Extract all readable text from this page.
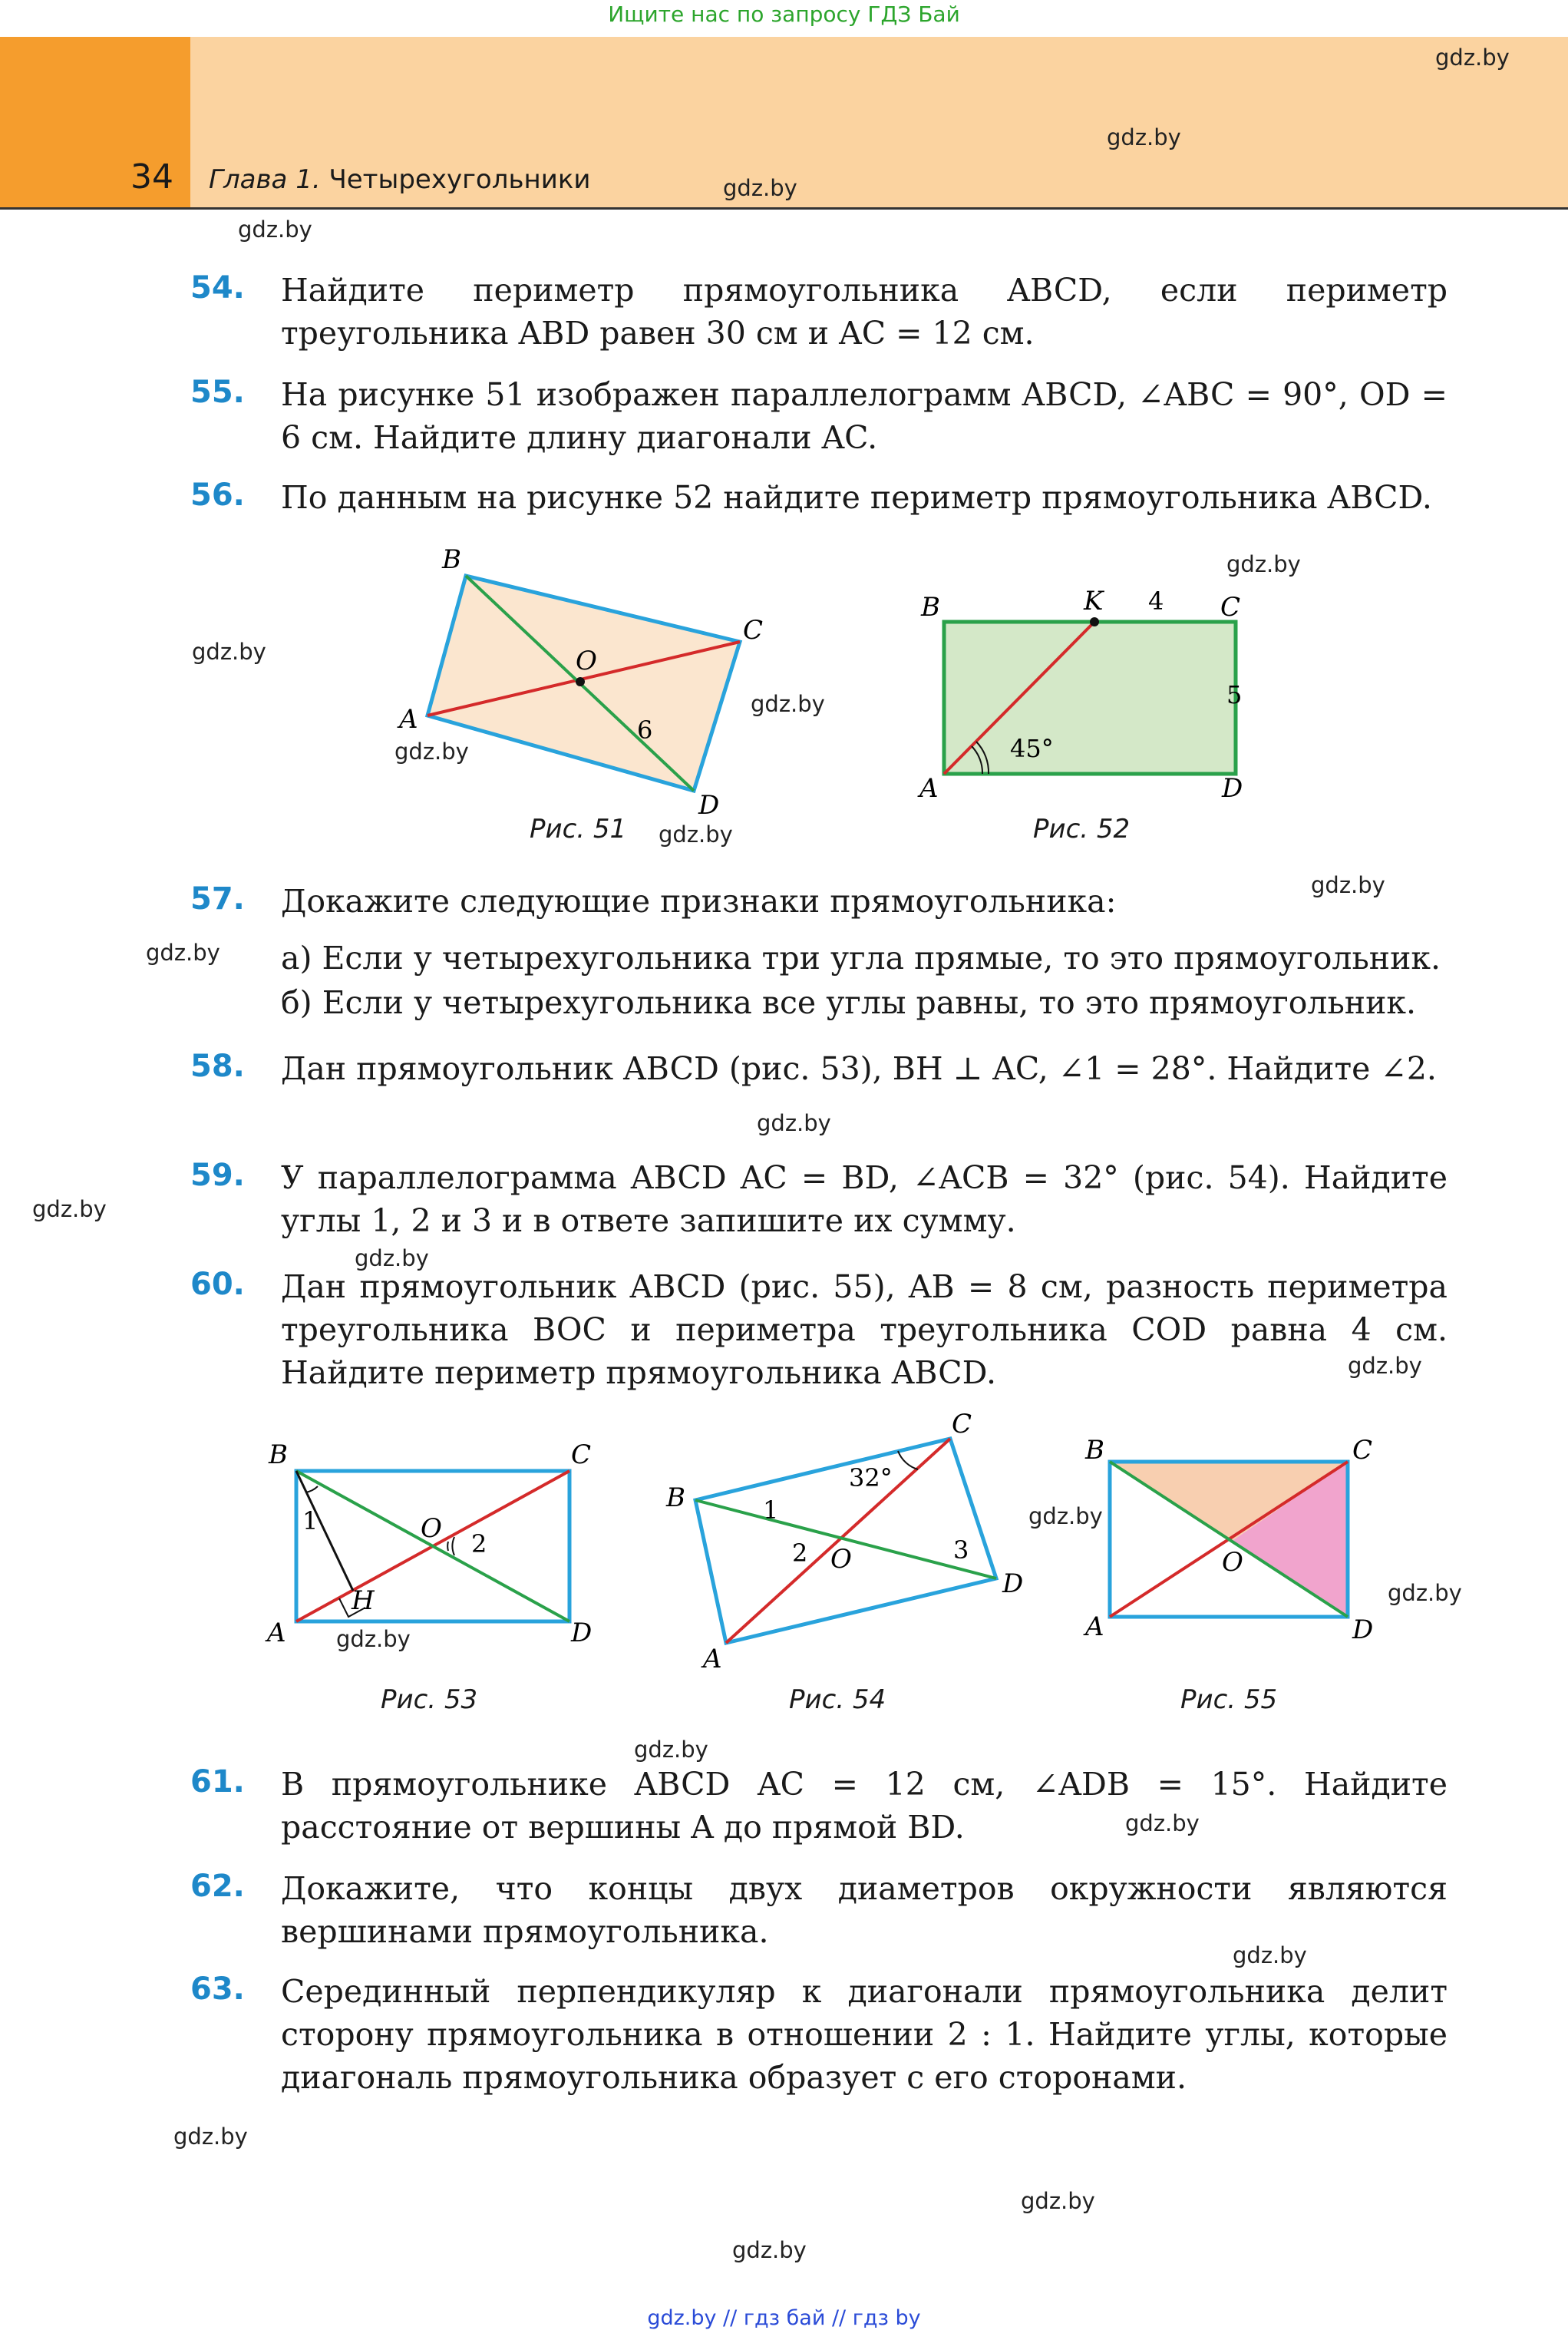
Ищите нас по запросу ГДЗ Бай
34 Глава 1. Четырехугольники
gdz.by
gdz.by
gdz.by
gdz.by
gdz.by
gdz.by
gdz.by
gdz.by
gdz.by
gdz.by
gdz.by
gdz.by
gdz.by
gdz.by
gdz.by
gdz.by
gdz.by
gdz.by
gdz.by
gdz.by
gdz.by
gdz.by
gdz.by
gdz.by
54. Найдите периметр прямоугольника ABCD, если периметр треугольника ABD равен 30 см и AC = 12 см.
55. На рисунке 51 изображен параллелограмм ABCD, ∠ABC = 90°, OD = 6 см. Найдите длину диагонали AC.
56. По данным на рисунке 52 найдите периметр прямоугольника ABCD.
B
C
A
D
O
6
Рис. 51
B	K 4 C
5
A	D
45°
Рис. 52
57. Докажите следующие признаки прямоугольника:
а) Если у четырехугольника три угла прямые, то это прямоугольник.
б) Если у четырехугольника все углы равны, то это прямоугольник.
58. Дан прямоугольник ABCD (рис. 53), BH ⊥ AC, ∠1 = 28°. Найдите ∠2.
59. У параллелограмма ABCD AC = BD, ∠ACB = 32° (рис. 54). Найдите углы 1, 2 и 3 и в ответе запишите их сумму.
60. Дан прямоугольник ABCD (рис. 55), AB = 8 см, разность периметра треугольника BOC и периметра треугольника COD равна 4 см. Найдите периметр прямоугольника ABCD.
B	C
A	D
O
H
1
2
Рис. 53
B
C
A
D
O
1
2	3
32°
Рис. 54
B	C
A	D
O
Рис. 55
61. В прямоугольнике ABCD AC = 12 см, ∠ADB = 15°. Найдите расстояние от вершины A до прямой BD.
62. Докажите, что концы двух диаметров окружности являются вершинами прямоугольника.
63. Серединный перпендикуляр к диагонали прямоугольника делит сторону прямоугольника в отношении 2 : 1. Найдите углы, которые диагональ прямоугольника образует с его сторонами.
gdz.by // гдз бай // гдз by
